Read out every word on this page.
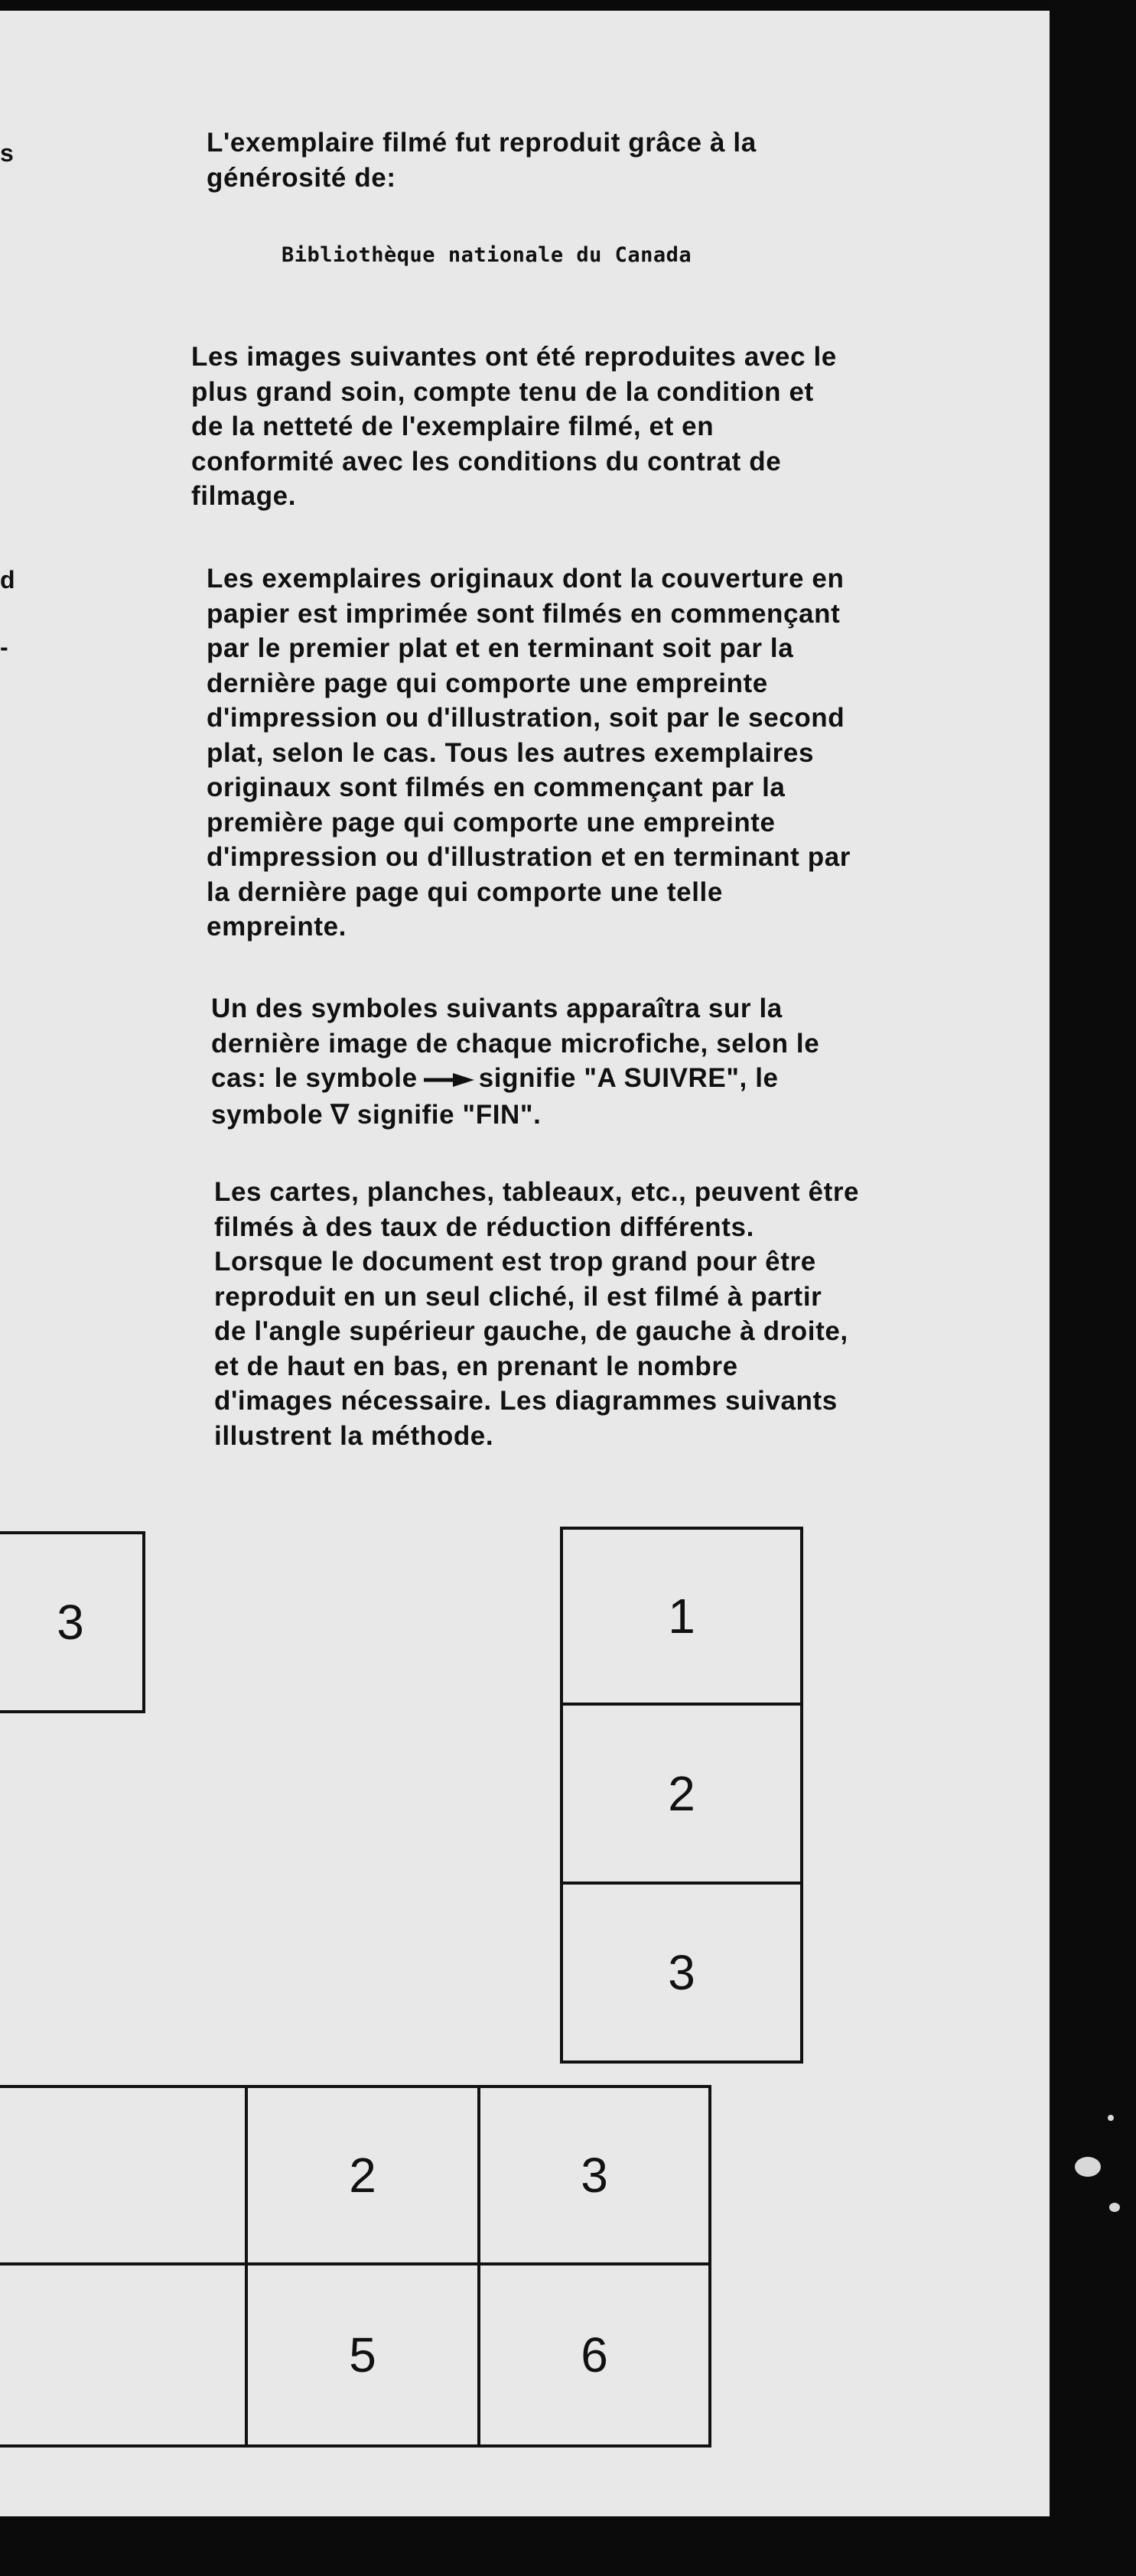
s
d
-
L'exemplaire filmé fut reproduit grâce à la
générosité de:

Bibliothèque nationale du Canada

Les images suivantes ont été reproduites avec le
plus grand soin, compte tenu de la condition et
de la netteté de l'exemplaire filmé, et en
conformité avec les conditions du contrat de
filmage.
Les exemplaires originaux dont la couverture en
papier est imprimée sont filmés en commençant
par le premier plat et en terminant soit par la
dernière page qui comporte une empreinte
d'impression ou d'illustration, soit par le second
plat, selon le cas. Tous les autres exemplaires
originaux sont filmés en commençant par la
première page qui comporte une empreinte
d'impression ou d'illustration et en terminant par
la dernière page qui comporte une telle
empreinte.
Un des symboles suivants apparaîtra sur la
dernière image de chaque microfiche, selon le
cas: le symbole signifie "A SUIVRE", le
symbole ∇ signifie "FIN".
Les cartes, planches, tableaux, etc., peuvent être
filmés à des taux de réduction différents.
Lorsque le document est trop grand pour être
reproduit en un seul cliché, il est filmé à partir
de l'angle supérieur gauche, de gauche à droite,
et de haut en bas, en prenant le nombre
d'images nécessaire. Les diagrammes suivants
illustrent la méthode.
3	1
2
3
2	3
5	6
